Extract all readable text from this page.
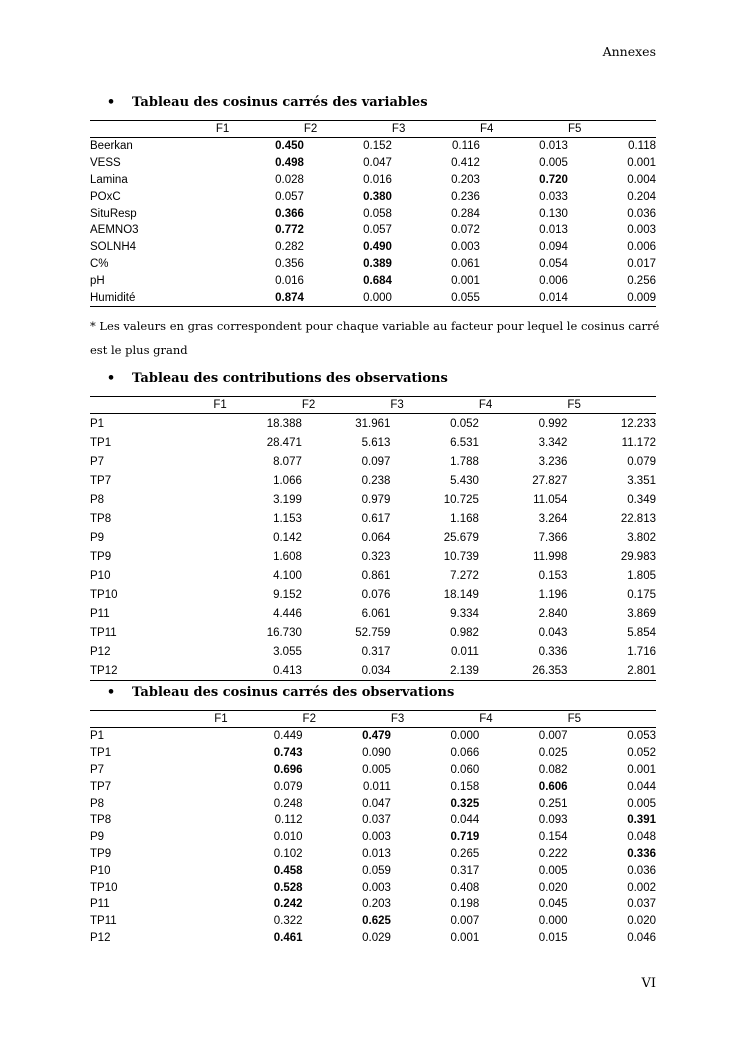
Annexes
•	Tableau des cosinus carrés des variables
	F1	F2	F3	F4	F5
Beerkan	0.450	0.152	0.116	0.013	0.118
VESS	0.498	0.047	0.412	0.005	0.001
Lamina	0.028	0.016	0.203	0.720	0.004
POxC	0.057	0.380	0.236	0.033	0.204
SituResp	0.366	0.058	0.284	0.130	0.036
AEMNO3	0.772	0.057	0.072	0.013	0.003
SOLNH4	0.282	0.490	0.003	0.094	0.006
C%	0.356	0.389	0.061	0.054	0.017
pH	0.016	0.684	0.001	0.006	0.256
Humidité	0.874	0.000	0.055	0.014	0.009
* Les valeurs en gras correspondent pour chaque variable au facteur pour lequel le cosinus carré est le plus grand
•	Tableau des contributions des observations
	F1	F2	F3	F4	F5
P1	18.388	31.961	0.052	0.992	12.233
TP1	28.471	5.613	6.531	3.342	11.172
P7	8.077	0.097	1.788	3.236	0.079
TP7	1.066	0.238	5.430	27.827	3.351
P8	3.199	0.979	10.725	11.054	0.349
TP8	1.153	0.617	1.168	3.264	22.813
P9	0.142	0.064	25.679	7.366	3.802
TP9	1.608	0.323	10.739	11.998	29.983
P10	4.100	0.861	7.272	0.153	1.805
TP10	9.152	0.076	18.149	1.196	0.175
P11	4.446	6.061	9.334	2.840	3.869
TP11	16.730	52.759	0.982	0.043	5.854
P12	3.055	0.317	0.011	0.336	1.716
TP12	0.413	0.034	2.139	26.353	2.801
•	Tableau des cosinus carrés des observations
	F1	F2	F3	F4	F5
P1	0.449	0.479	0.000	0.007	0.053
TP1	0.743	0.090	0.066	0.025	0.052
P7	0.696	0.005	0.060	0.082	0.001
TP7	0.079	0.011	0.158	0.606	0.044
P8	0.248	0.047	0.325	0.251	0.005
TP8	0.112	0.037	0.044	0.093	0.391
P9	0.010	0.003	0.719	0.154	0.048
TP9	0.102	0.013	0.265	0.222	0.336
P10	0.458	0.059	0.317	0.005	0.036
TP10	0.528	0.003	0.408	0.020	0.002
P11	0.242	0.203	0.198	0.045	0.037
TP11	0.322	0.625	0.007	0.000	0.020
P12	0.461	0.029	0.001	0.015	0.046
VI
